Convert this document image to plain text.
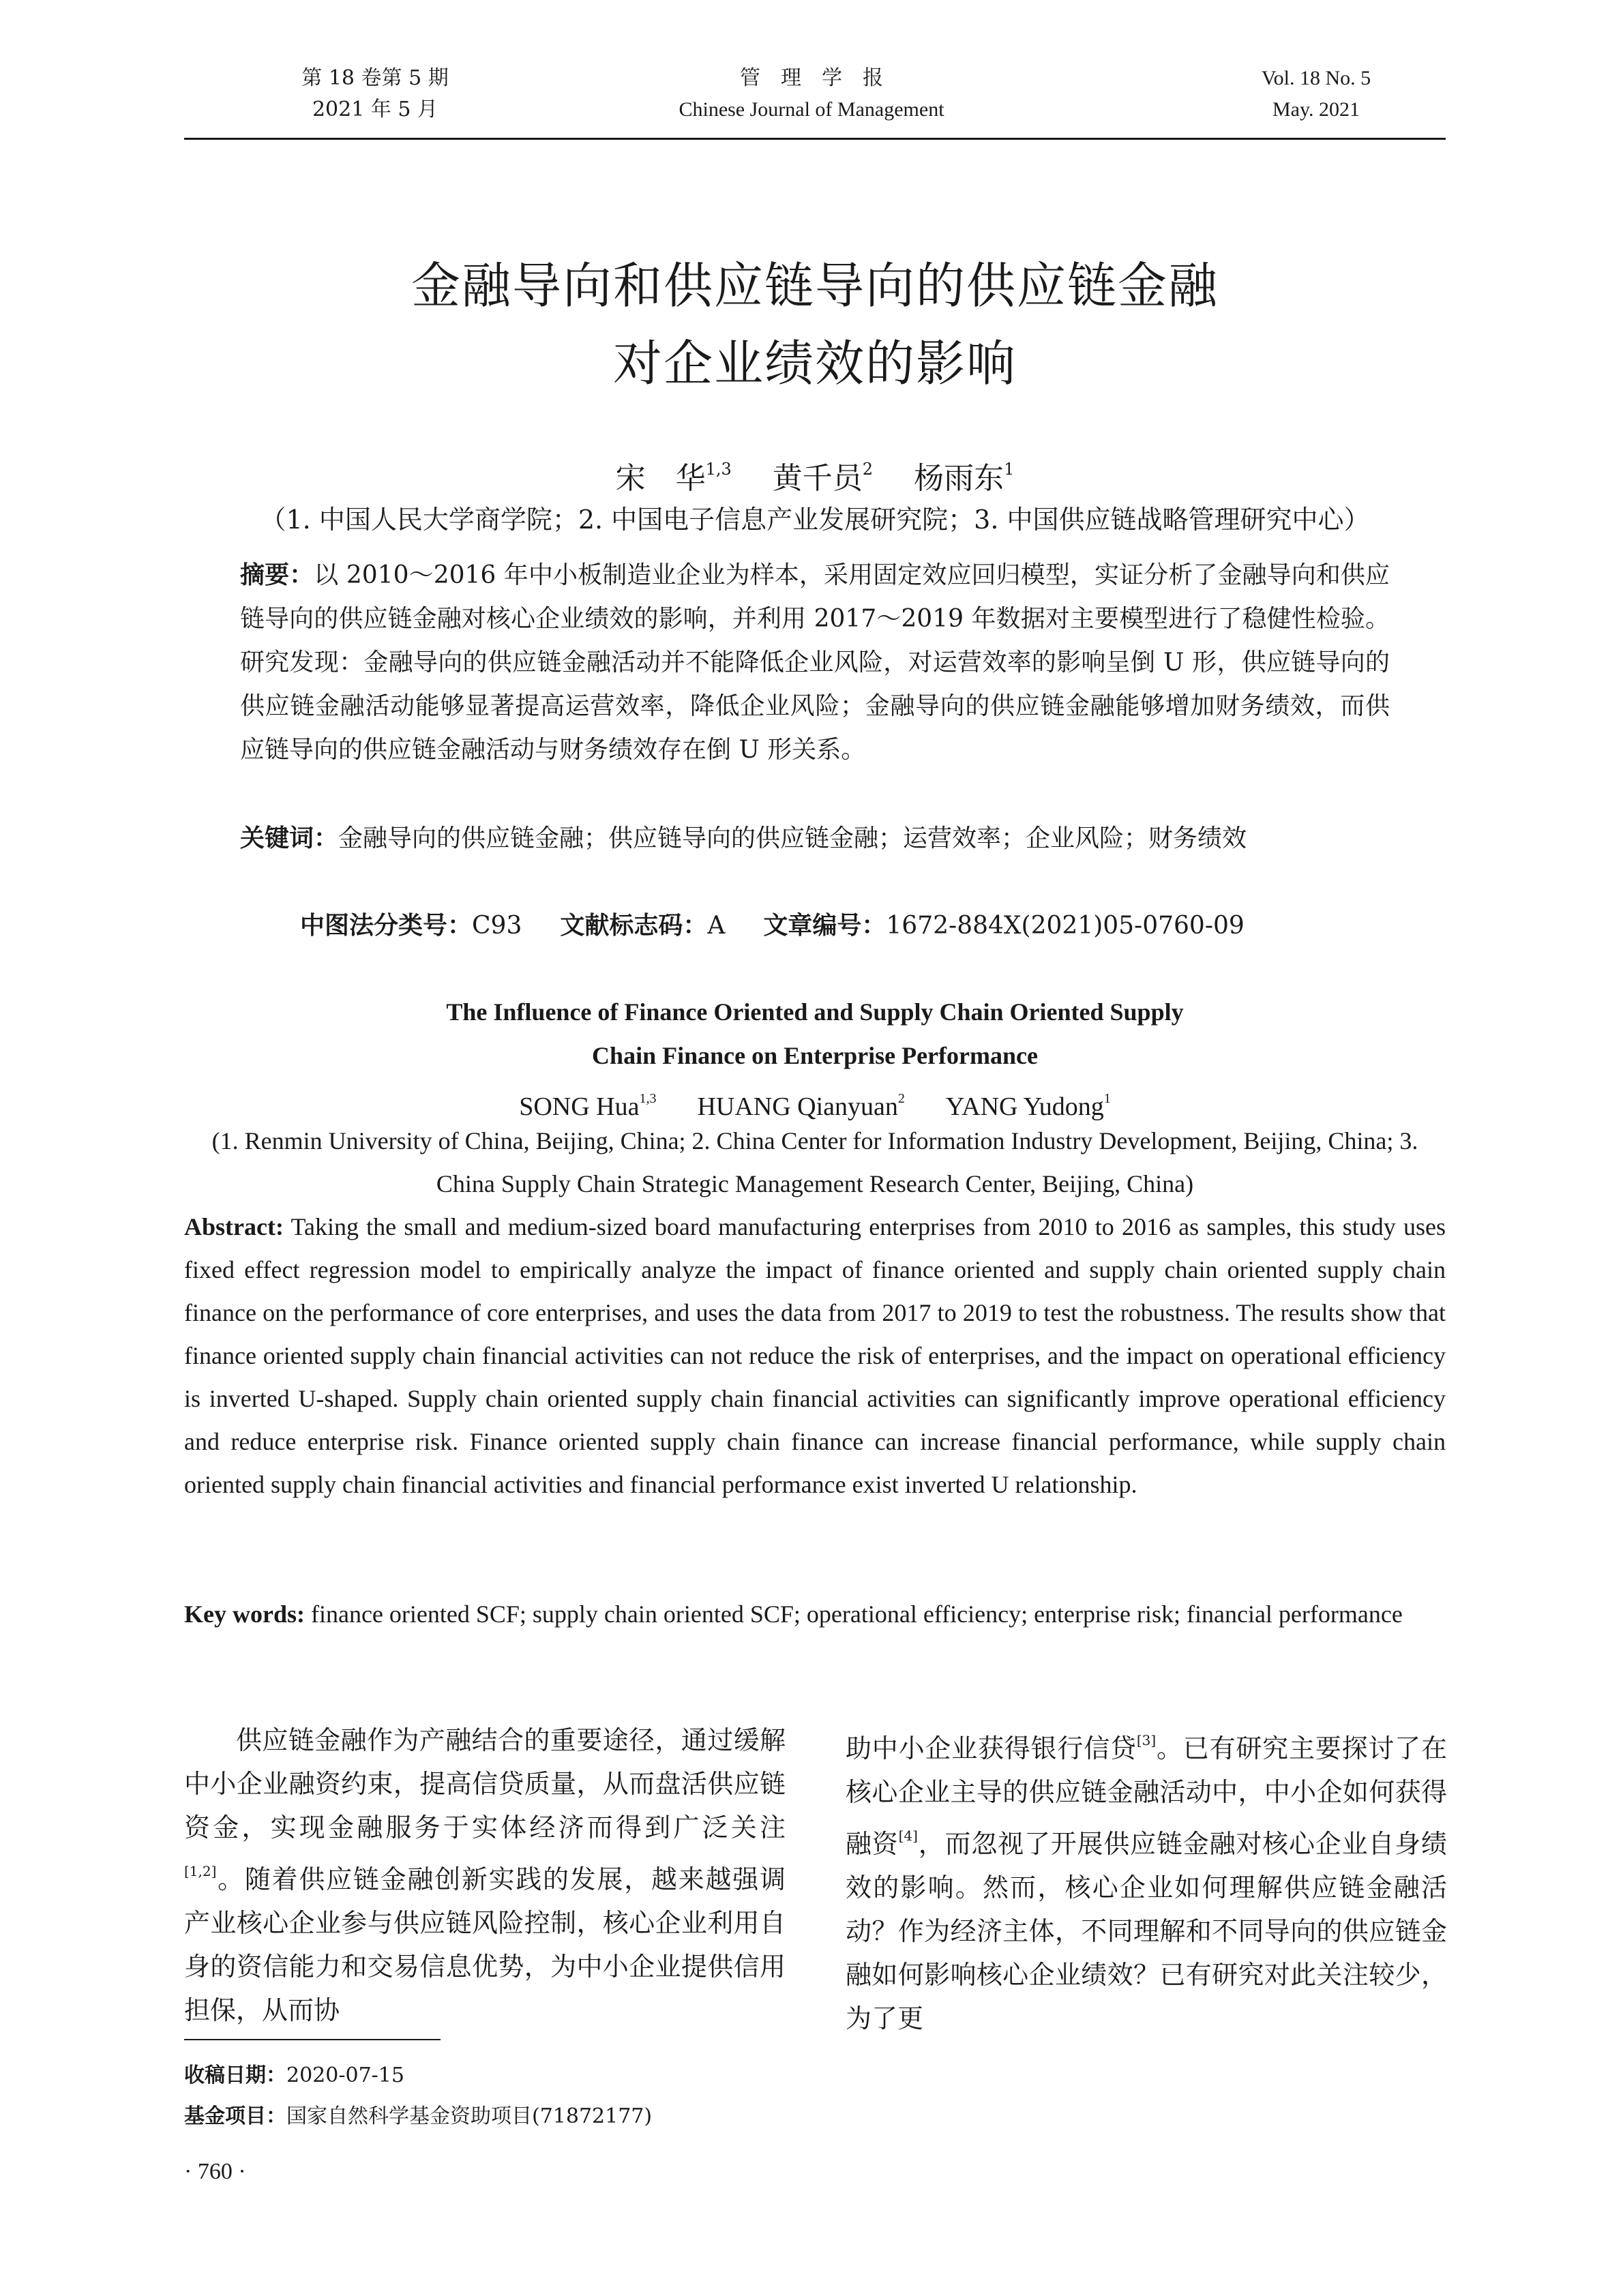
第 18 卷第 5 期
2021 年 5 月
管　理　学　报
Chinese Journal of Management
Vol. 18 No. 5
May. 2021
金融导向和供应链导向的供应链金融
对企业绩效的影响
宋　华$^{1,3}$ 黄千员$^2$ 杨雨东$^1$
（1. 中国人民大学商学院；2. 中国电子信息产业发展研究院；3. 中国供应链战略管理研究中心）
摘要：以 2010～2016 年中小板制造业企业为样本，采用固定效应回归模型，实证分析了金融导向和供应链导向的供应链金融对核心企业绩效的影响，并利用 2017～2019 年数据对主要模型进行了稳健性检验。研究发现：金融导向的供应链金融活动并不能降低企业风险，对运营效率的影响呈倒 U 形，供应链导向的供应链金融活动能够显著提高运营效率，降低企业风险；金融导向的供应链金融能够增加财务绩效，而供应链导向的供应链金融活动与财务绩效存在倒 U 形关系。
关键词：金融导向的供应链金融；供应链导向的供应链金融；运营效率；企业风险；财务绩效
中图法分类号：C93 文献标志码：A 文章编号：1672-884X(2021)05-0760-09
The Influence of Finance Oriented and Supply Chain Oriented Supply
Chain Finance on Enterprise Performance
SONG Hua$^{1,3}$ HUANG Qianyuan$^2$ YANG Yudong$^1$
(1. Renmin University of China, Beijing, China; 2. China Center for Information Industry Development, Beijing, China; 3. China Supply Chain Strategic Management Research Center, Beijing, China)
Abstract: Taking the small and medium-sized board manufacturing enterprises from 2010 to 2016 as samples, this study uses fixed effect regression model to empirically analyze the impact of finance oriented and supply chain oriented supply chain finance on the performance of core enterprises, and uses the data from 2017 to 2019 to test the robustness. The results show that finance oriented supply chain financial activities can not reduce the risk of enterprises, and the impact on operational efficiency is inverted U-shaped. Supply chain oriented supply chain financial activities can significantly improve operational efficiency and reduce enterprise risk. Finance oriented supply chain finance can increase financial performance, while supply chain oriented supply chain financial activities and financial performance exist inverted U relationship.
Key words: finance oriented SCF; supply chain oriented SCF; operational efficiency; enterprise risk; financial performance
供应链金融作为产融结合的重要途径，通过缓解中小企业融资约束，提高信贷质量，从而盘活供应链资金，实现金融服务于实体经济而得到广泛关注[1,2]。随着供应链金融创新实践的发展，越来越强调产业核心企业参与供应链风险控制，核心企业利用自身的资信能力和交易信息优势，为中小企业提供信用担保，从而协
助中小企业获得银行信贷[3]。已有研究主要探讨了在核心企业主导的供应链金融活动中，中小企如何获得融资[4]，而忽视了开展供应链金融对核心企业自身绩效的影响。然而，核心企业如何理解供应链金融活动？作为经济主体，不同理解和不同导向的供应链金融如何影响核心企业绩效？已有研究对此关注较少，为了更
收稿日期：2020-07-15
基金项目：国家自然科学基金资助项目(71872177)
· 760 ·
